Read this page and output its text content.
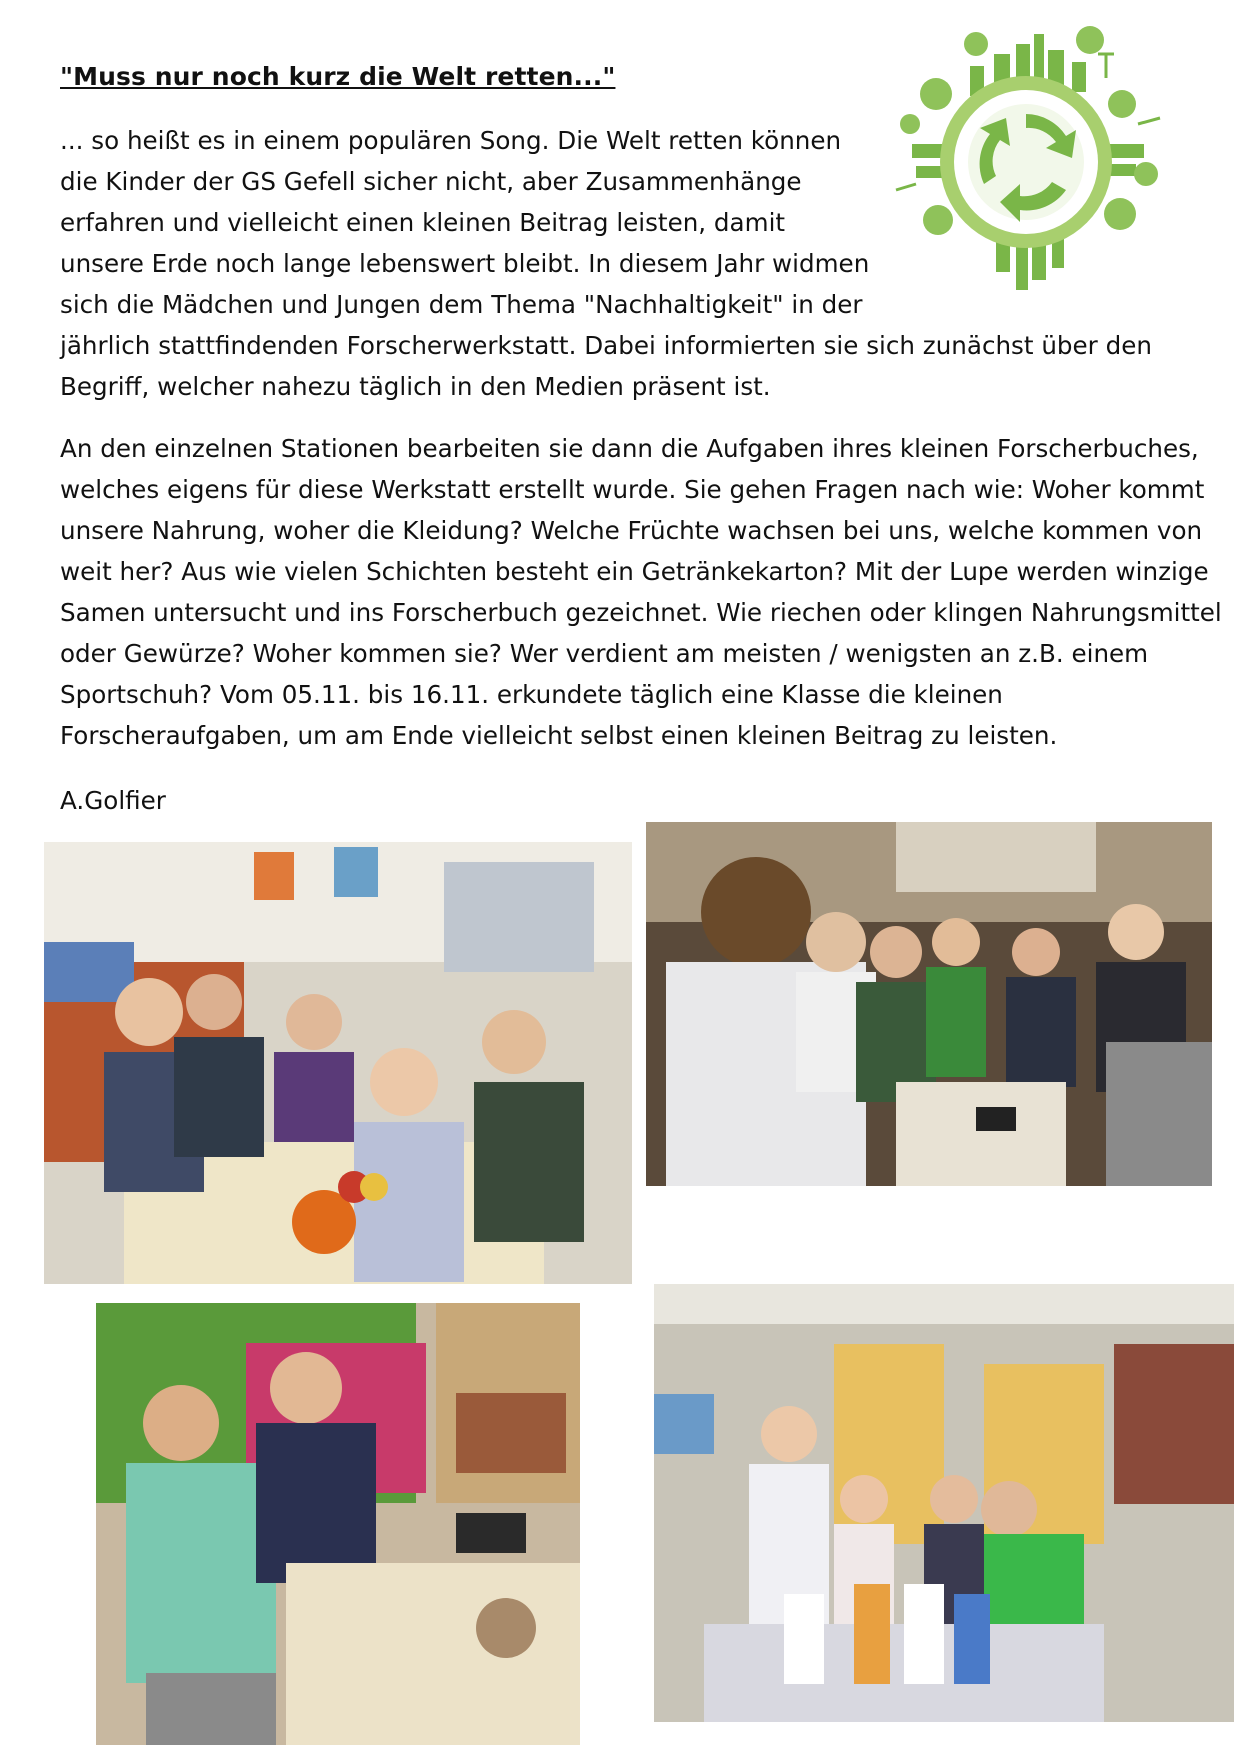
"Muss nur noch kurz die Welt retten..."
... so heißt es in einem populären Song. Die Welt retten können
die Kinder der GS Gefell sicher nicht, aber Zusammenhänge
erfahren und vielleicht einen kleinen Beitrag leisten, damit
unsere Erde noch lange lebenswert bleibt. In diesem Jahr widmen
sich die Mädchen und Jungen dem Thema "Nachhaltigkeit" in der
jährlich stattfindenden Forscherwerkstatt. Dabei informierten sie sich zunächst über den
Begriff, welcher nahezu täglich in den Medien präsent ist.
An den einzelnen Stationen bearbeiten sie dann die Aufgaben ihres kleinen Forscherbuches,
welches eigens für diese Werkstatt erstellt wurde. Sie gehen Fragen nach wie: Woher kommt
unsere Nahrung, woher die Kleidung? Welche Früchte wachsen bei uns, welche kommen von
weit her? Aus wie vielen Schichten besteht ein Getränkekarton? Mit der Lupe werden winzige
Samen untersucht und ins Forscherbuch gezeichnet. Wie riechen oder klingen Nahrungsmittel
oder Gewürze? Woher kommen sie? Wer verdient am meisten / wenigsten an z.B. einem
Sportschuh? Vom 05.11. bis 16.11. erkundete täglich eine Klasse die kleinen
Forscheraufgaben, um am Ende vielleicht selbst einen kleinen Beitrag zu leisten.
A.Golfier
